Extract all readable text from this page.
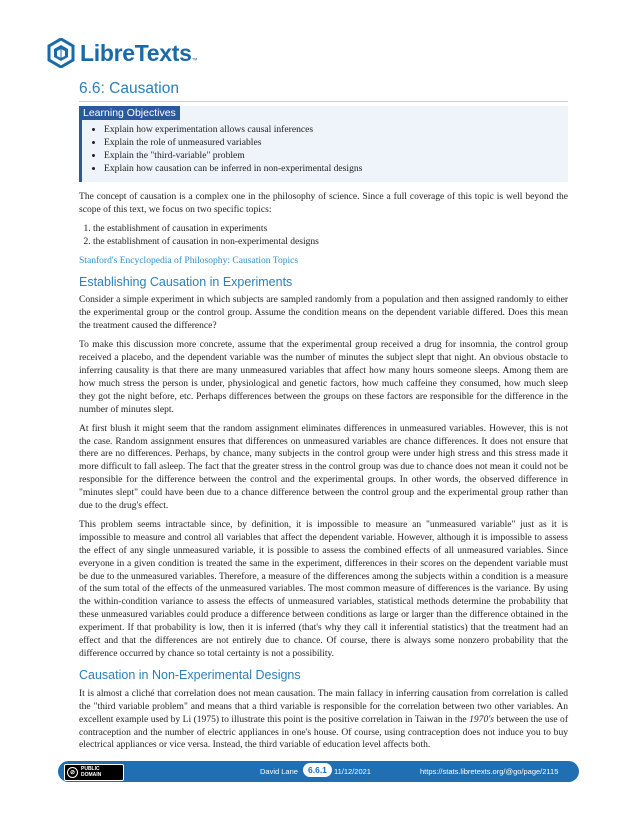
LibreTexts ™
6.6: Causation
Learning Objectives
• Explain how experimentation allows causal inferences
• Explain the role of unmeasured variables
• Explain the "third-variable" problem
• Explain how causation can be inferred in non-experimental designs

The concept of causation is a complex one in the philosophy of science. Since a full coverage of this topic is well beyond the scope of this text, we focus on two specific topics:

1. the establishment of causation in experiments
2. the establishment of causation in non-experimental designs

Stanford's Encyclopedia of Philosophy: Causation Topics

Establishing Causation in Experiments

Consider a simple experiment in which subjects are sampled randomly from a population and then assigned randomly to either the experimental group or the control group. Assume the condition means on the dependent variable differed. Does this mean the treatment caused the difference?

To make this discussion more concrete, assume that the experimental group received a drug for insomnia, the control group received a placebo, and the dependent variable was the number of minutes the subject slept that night. An obvious obstacle to inferring causality is that there are many unmeasured variables that affect how many hours someone sleeps. Among them are how much stress the person is under, physiological and genetic factors, how much caffeine they consumed, how much sleep they got the night before, etc. Perhaps differences between the groups on these factors are responsible for the difference in the number of minutes slept.

At first blush it might seem that the random assignment eliminates differences in unmeasured variables. However, this is not the case. Random assignment ensures that differences on unmeasured variables are chance differences. It does not ensure that there are no differences. Perhaps, by chance, many subjects in the control group were under high stress and this stress made it more difficult to fall asleep. The fact that the greater stress in the control group was due to chance does not mean it could not be responsible for the difference between the control and the experimental groups. In other words, the observed difference in "minutes slept" could have been due to a chance difference between the control group and the experimental group rather than due to the drug's effect.

This problem seems intractable since, by definition, it is impossible to measure an "unmeasured variable" just as it is impossible to measure and control all variables that affect the dependent variable. However, although it is impossible to assess the effect of any single unmeasured variable, it is possible to assess the combined effects of all unmeasured variables. Since everyone in a given condition is treated the same in the experiment, differences in their scores on the dependent variable must be due to the unmeasured variables. Therefore, a measure of the differences among the subjects within a condition is a measure of the sum total of the effects of the unmeasured variables. The most common measure of differences is the variance. By using the within-condition variance to assess the effects of unmeasured variables, statistical methods determine the probability that these unmeasured variables could produce a difference between conditions as large or larger than the difference obtained in the experiment. If that probability is low, then it is inferred (that's why they call it inferential statistics) that the treatment had an effect and that the differences are not entirely due to chance. Of course, there is always some nonzero probability that the difference occurred by chance so total certainty is not a possibility.

Causation in Non-Experimental Designs

It is almost a cliché that correlation does not mean causation. The main fallacy in inferring causation from correlation is called the "third variable problem" and means that a third variable is responsible for the correlation between two other variables. An excellent example used by Li (1975) to illustrate this point is the positive correlation in Taiwan in the 1970′s between the use of contraception and the number of electric appliances in one's house. Of course, using contraception does not induce you to buy electrical appliances or vice versa. Instead, the third variable of education level affects both.

⊘
PUBLIC
DOMAIN	David Lane	6.6.1 11/12/2021	https://stats.libretexts.org/@go/page/2115
